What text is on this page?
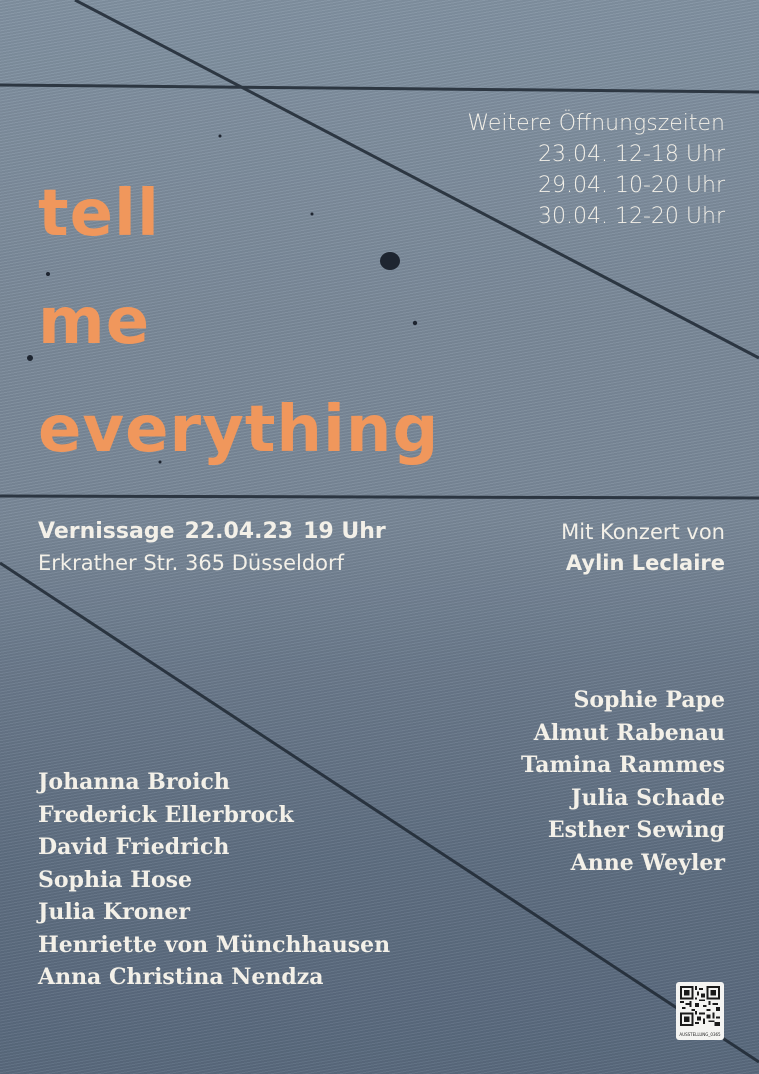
tell
me
everything
Weitere Öffnungszeiten
23.04. 12-18 Uhr
29.04. 10-20 Uhr
30.04. 12-20 Uhr
Vernissage 22.04.23 19 Uhr
Erkrather Str. 365 Düsseldorf
Mit Konzert von
Aylin Leclaire
Sophie Pape
Almut Rabenau
Tamina Rammes
Julia Schade
Esther Sewing
Anne Weyler
Johanna Broich
Frederick Ellerbrock
David Friedrich
Sophia Hose
Julia Kroner
Henriette von Münchhausen
Anna Christina Nendza
AUSSTELLUNG_0365
